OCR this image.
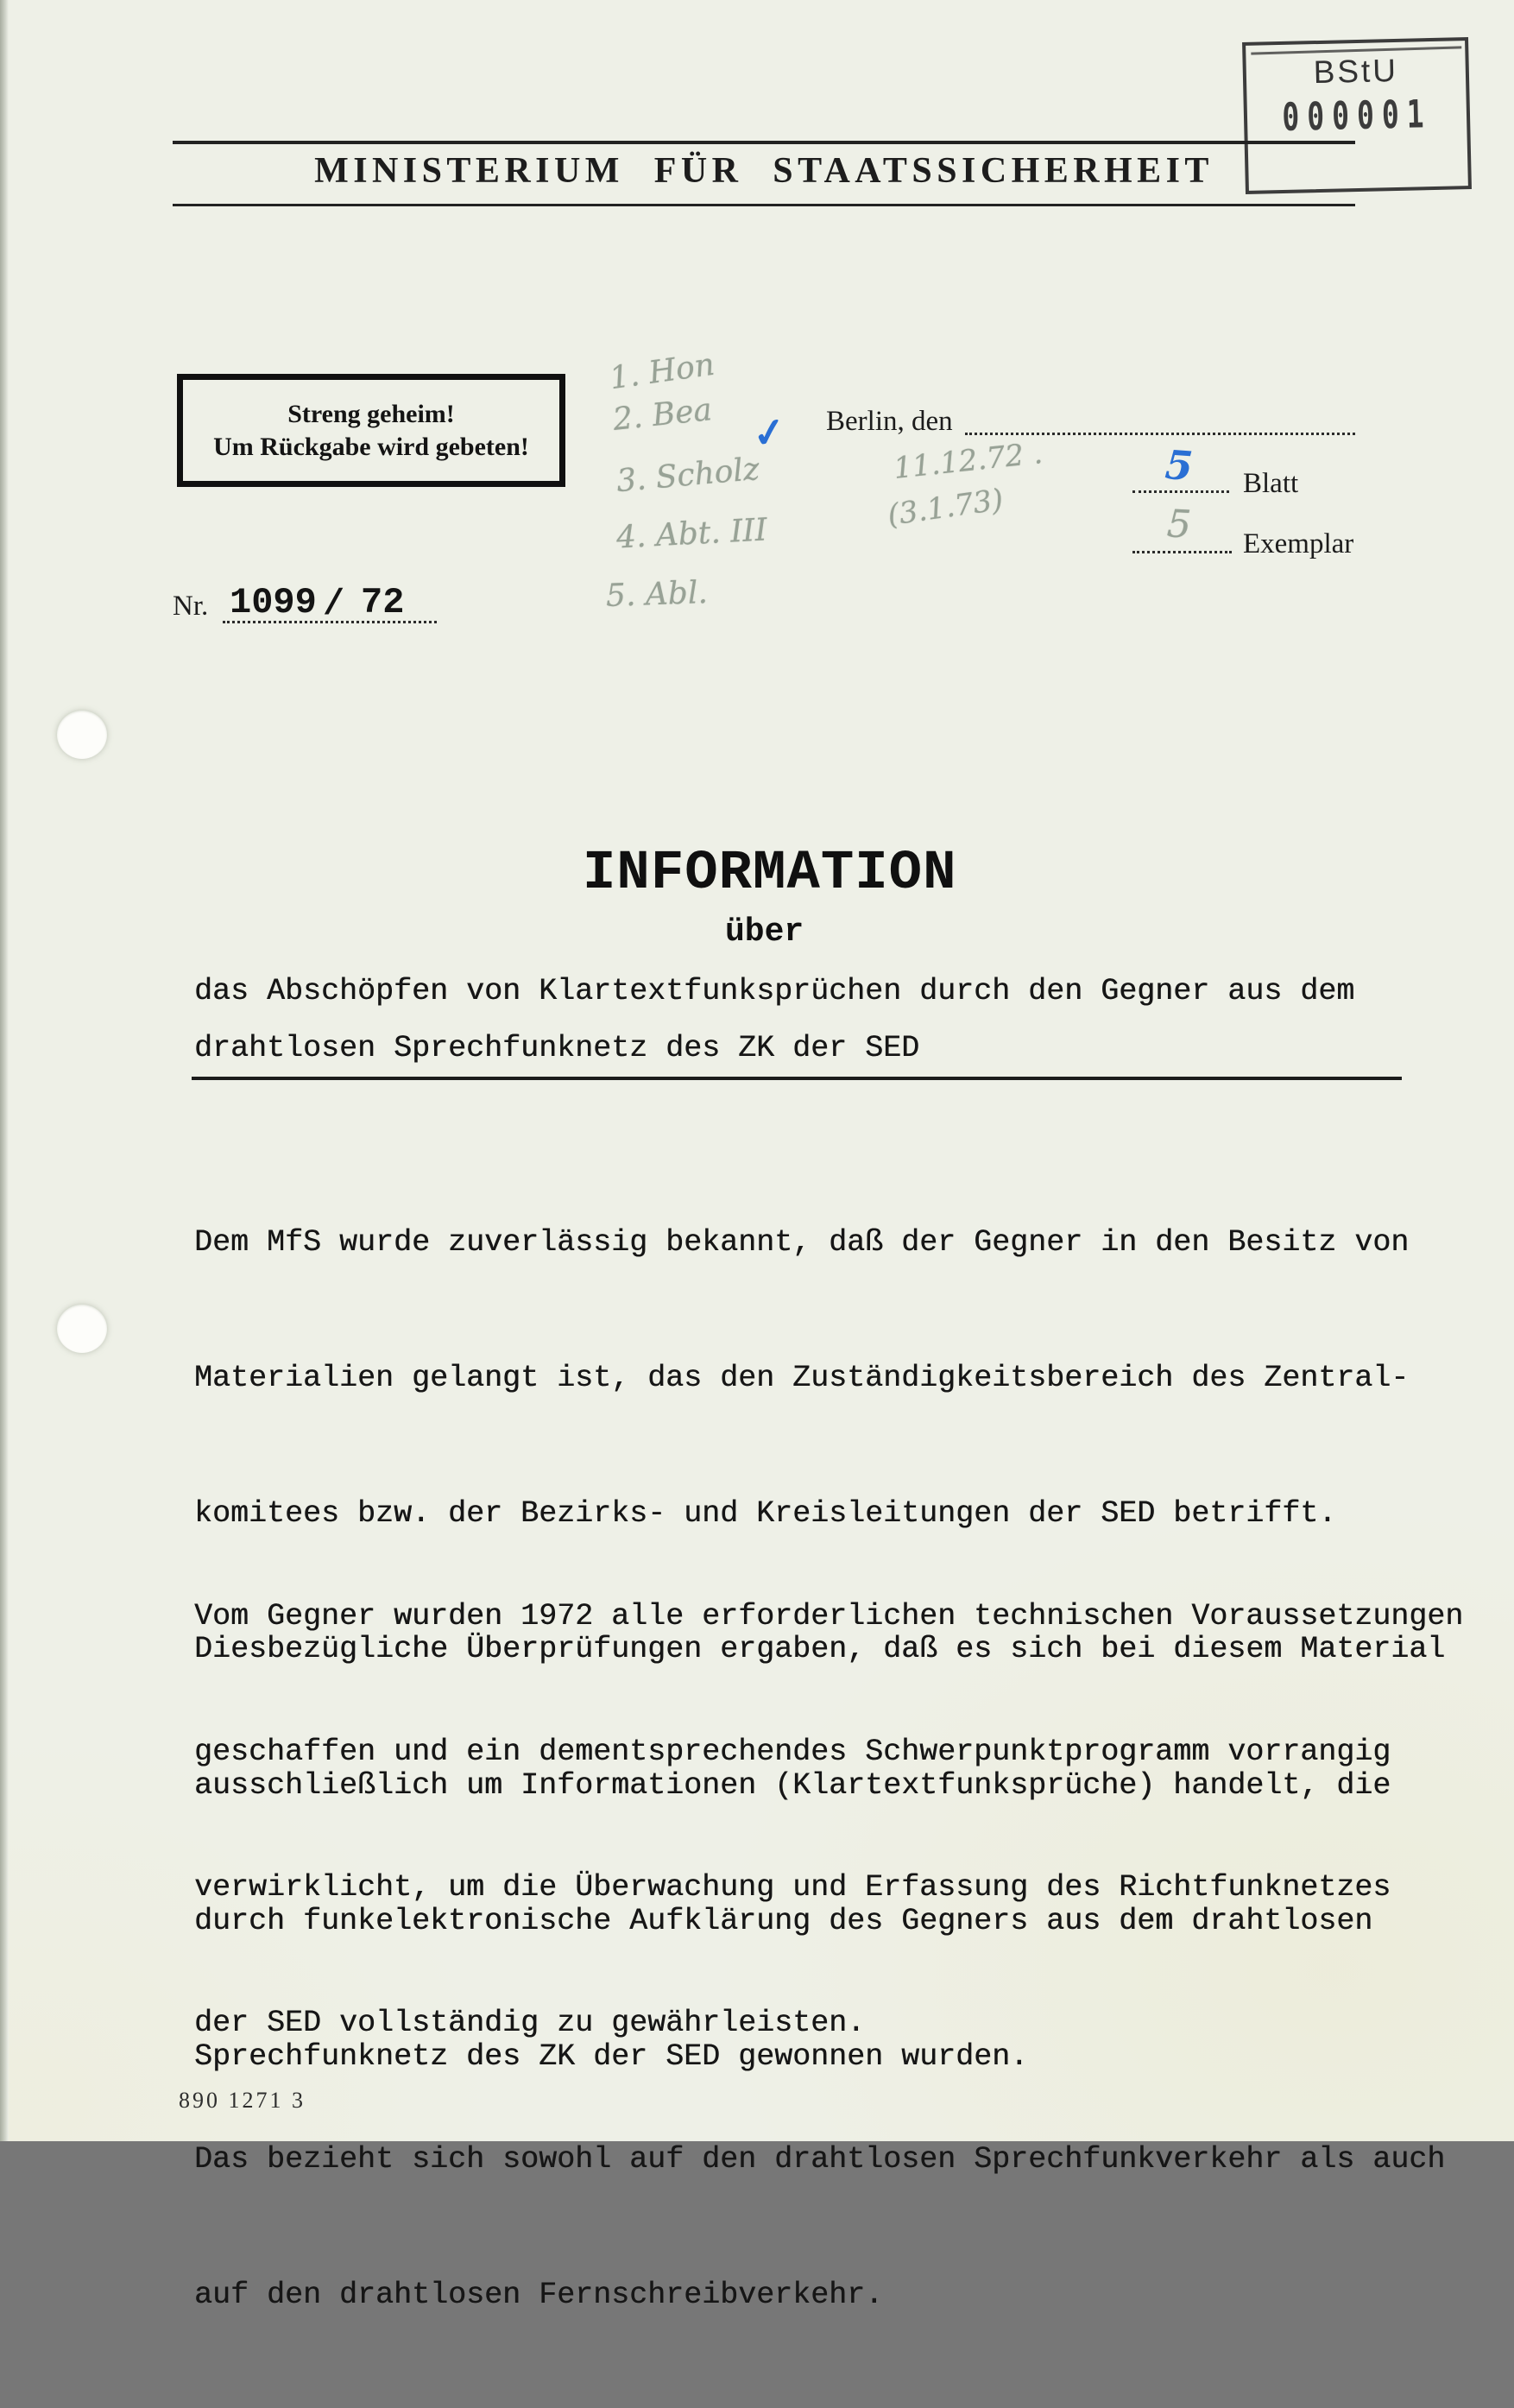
BStU
000001
MINISTERIUM FÜR STAATSSICHERHEIT
Streng geheim!
Um Rückgabe wird gebeten!
1. Hon
2. Bea
3. Scholz
4. Abt. III
5. Abl.
✓ Berlin, den
11.12.72 .
(3.1.73)
5 Blatt
5 Exemplar
Nr. 1099 / 72
INFORMATION
über
das Abschöpfen von Klartextfunksprüchen durch den Gegner aus dem
drahtlosen Sprechfunknetz des ZK der SED

Dem MfS wurde zuverlässig bekannt, daß der Gegner in den Besitz von

Materialien gelangt ist, das den Zuständigkeitsbereich des Zentral-

komitees bzw. der Bezirks- und Kreisleitungen der SED betrifft.

Diesbezügliche Überprüfungen ergaben, daß es sich bei diesem Material

ausschließlich um Informationen (Klartextfunksprüche) handelt, die

durch funkelektronische Aufklärung des Gegners aus dem drahtlosen

Sprechfunknetz des ZK der SED gewonnen wurden.

Vom Gegner wurden 1972 alle erforderlichen technischen Voraussetzungen

geschaffen und ein dementsprechendes Schwerpunktprogramm vorrangig

verwirklicht, um die Überwachung und Erfassung des Richtfunknetzes

der SED vollständig zu gewährleisten.

Das bezieht sich sowohl auf den drahtlosen Sprechfunkverkehr als auch

auf den drahtlosen Fernschreibverkehr.

890 1271 3
